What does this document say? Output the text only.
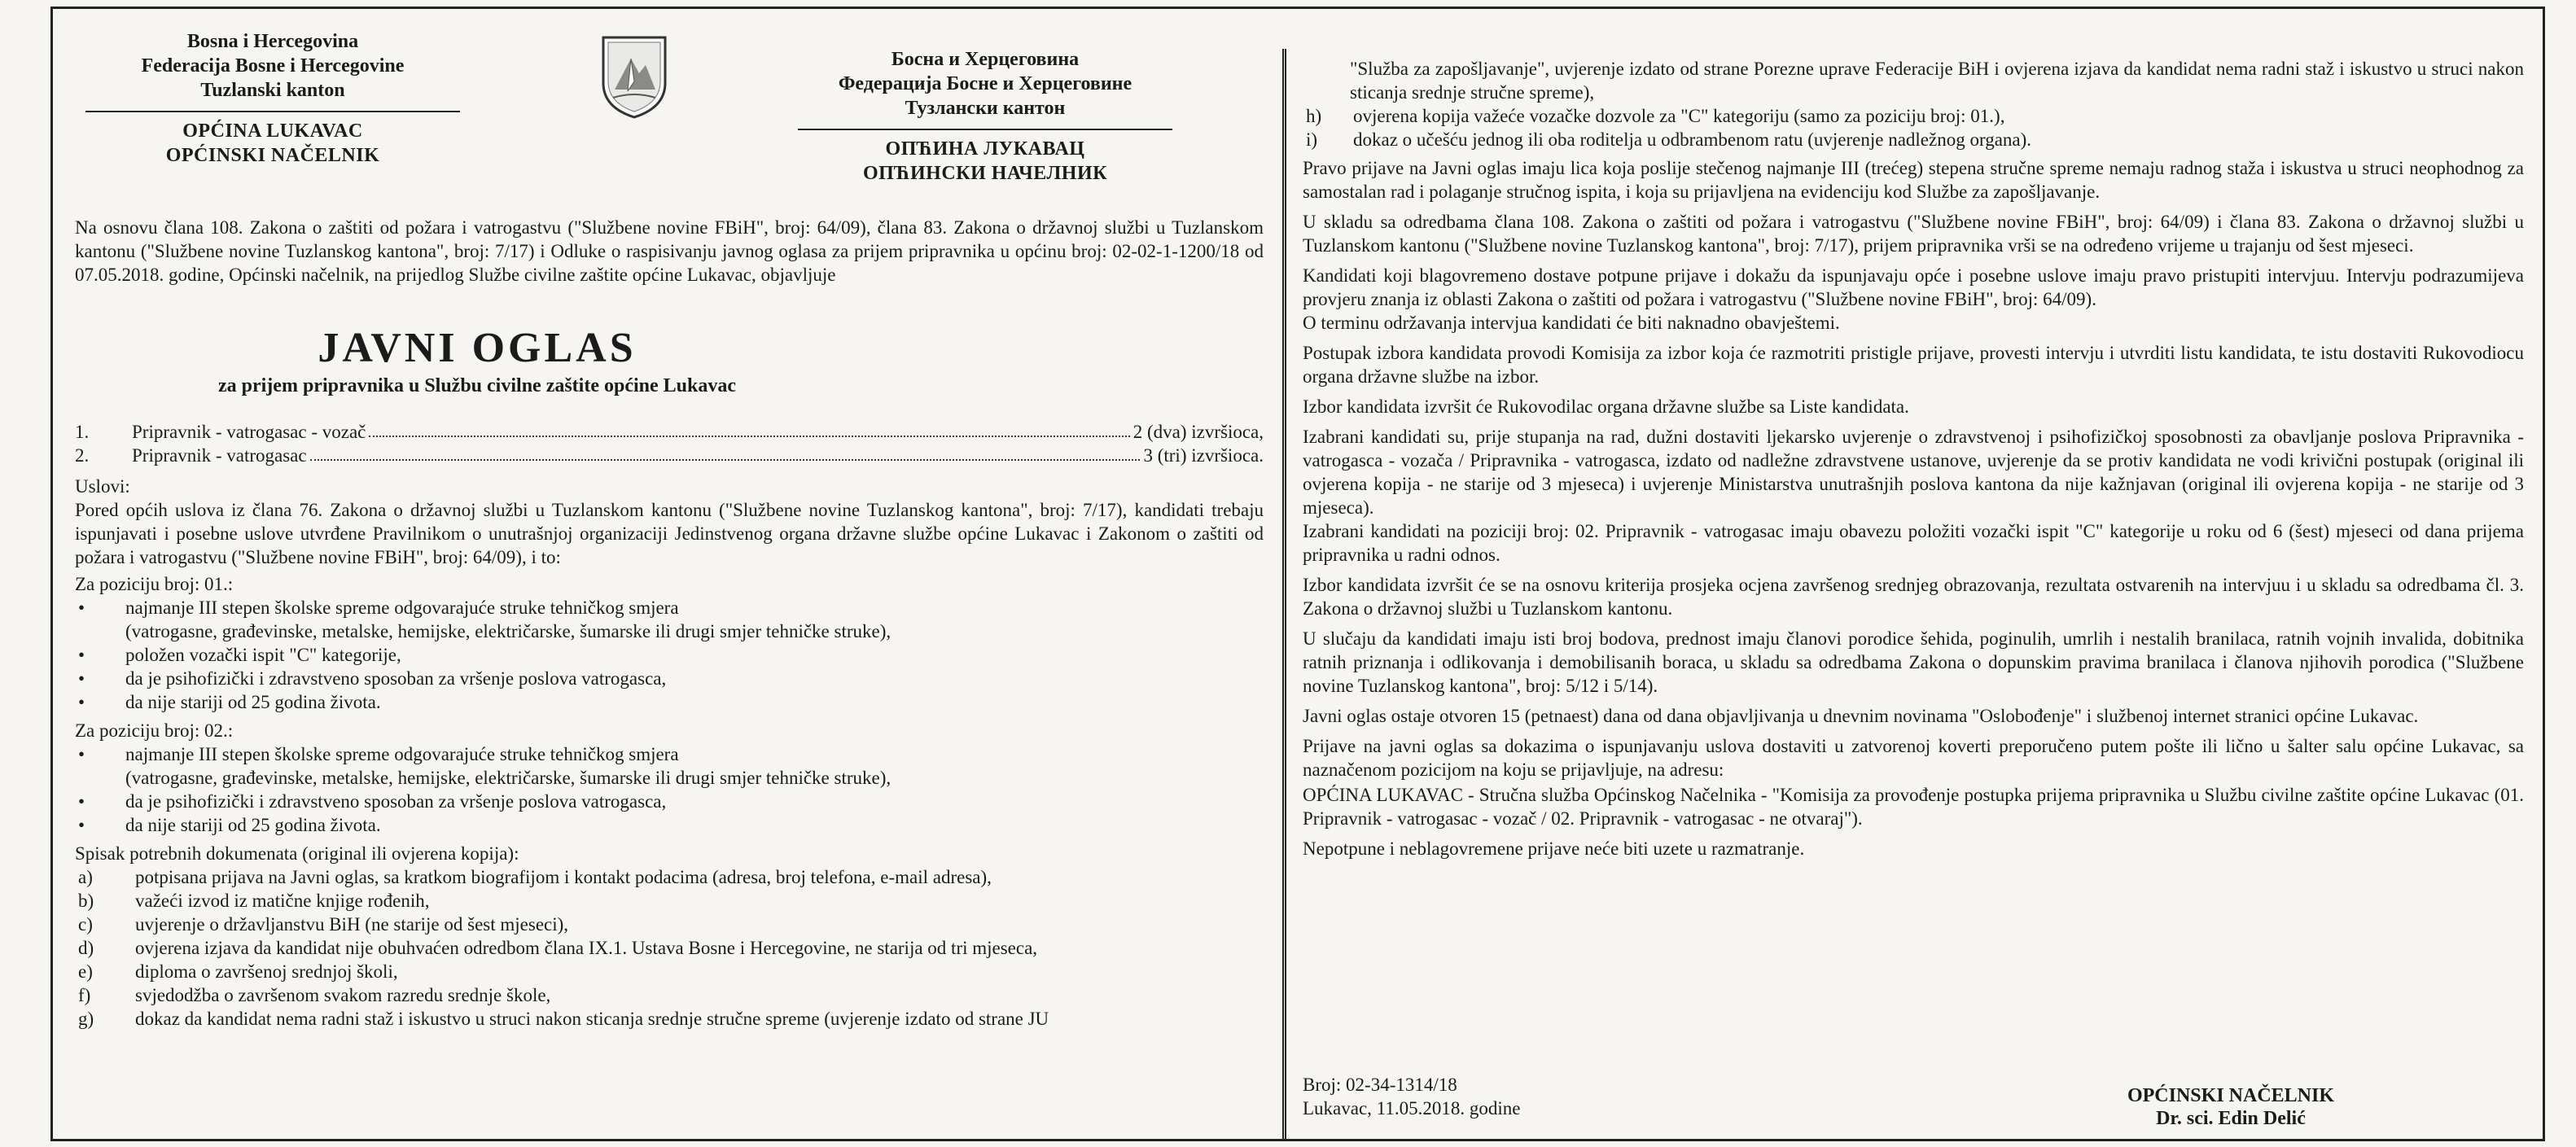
Bosna i Hercegovina
Federacija Bosne i Hercegovine
Tuzlanski kanton
OPĆINA LUKAVAC
OPĆINSKI NAČELNIK
Босна и Херцеговина
Федерација Босне и Херцеговине
Тузлански кантон
ОПЋИНА ЛУКАВАЦ
ОПЋИНСКИ НАЧЕЛНИК

Na osnovu člana 108. Zakona o zaštiti od požara i vatrogastvu ("Službene novine FBiH", broj: 64/09), člana 83. Zakona o državnoj službi u Tuzlanskom kantonu ("Službene novine Tuzlanskog kantona", broj: 7/17) i Odluke o raspisivanju javnog oglasa za prijem pripravnika u općinu broj: 02-02-1-1200/18 od 07.05.2018. godine, Općinski načelnik, na prijedlog Službe civilne zaštite općine Lukavac, objavljuje

JAVNI OGLAS
za prijem pripravnika u Službu civilne zaštite općine Lukavac
1.	Pripravnik - vatrogasac - vozač	2 (dva) izvršioca,
2.	Pripravnik - vatrogasac	3 (tri) izvršioca.
Uslovi:

Pored općih uslova iz člana 76. Zakona o državnoj službi u Tuzlanskom kantonu ("Službene novine Tuzlanskog kantona", broj: 7/17), kandidati trebaju ispunjavati i posebne uslove utvrđene Pravilnikom o unutrašnjoj organizaciji Jedinstvenog organa državne službe općine Lukavac i Zakonom o zaštiti od požara i vatrogastvu ("Službene novine FBiH", broj: 64/09), i to:

Za poziciju broj: 01.:
•	najmanje III stepen školske spreme odgovarajuće struke tehničkog smjera
(vatrogasne, građevinske, metalske, hemijske, električarske, šumarske ili drugi smjer tehničke struke),
•	položen vozački ispit "C" kategorije,
•	da je psihofizički i zdravstveno sposoban za vršenje poslova vatrogasca,
•	da nije stariji od 25 godina života.
Za poziciju broj: 02.:
•	najmanje III stepen školske spreme odgovarajuće struke tehničkog smjera
(vatrogasne, građevinske, metalske, hemijske, električarske, šumarske ili drugi smjer tehničke struke),
•	da je psihofizički i zdravstveno sposoban za vršenje poslova vatrogasca,
•	da nije stariji od 25 godina života.
Spisak potrebnih dokumenata (original ili ovjerena kopija):
a)	potpisana prijava na Javni oglas, sa kratkom biografijom i kontakt podacima (adresa, broj telefona, e-mail adresa),
b)	važeći izvod iz matične knjige rođenih,
c)	uvjerenje o državljanstvu BiH (ne starije od šest mjeseci),
d)	ovjerena izjava da kandidat nije obuhvaćen odredbom člana IX.1. Ustava Bosne i Hercegovine, ne starija od tri mjeseca,
e)	diploma o završenoj srednjoj školi,
f)	svjedodžba o završenom svakom razredu srednje škole,
g)	dokaz da kandidat nema radni staž i iskustvo u struci nakon sticanja srednje stručne spreme (uvjerenje izdato od strane JU

"Služba za zapošljavanje", uvjerenje izdato od strane Porezne uprave Federacije BiH i ovjerena izjava da kandidat nema radni staž i iskustvo u struci nakon sticanja srednje stručne spreme),

h)	ovjerena kopija važeće vozačke dozvole za "C" kategoriju (samo za poziciju broj: 01.),
i)	dokaz o učešću jednog ili oba roditelja u odbrambenom ratu (uvjerenje nadležnog organa).

Pravo prijave na Javni oglas imaju lica koja poslije stečenog najmanje III (trećeg) stepena stručne spreme nemaju radnog staža i iskustva u struci neophodnog za samostalan rad i polaganje stručnog ispita, i koja su prijavljena na evidenciju kod Službe za zapošljavanje.

U skladu sa odredbama člana 108. Zakona o zaštiti od požara i vatrogastvu ("Službene novine FBiH", broj: 64/09) i člana 83. Zakona o državnoj službi u Tuzlanskom kantonu ("Službene novine Tuzlanskog kantona", broj: 7/17), prijem pripravnika vrši se na određeno vrijeme u trajanju od šest mjeseci.

Kandidati koji blagovremeno dostave potpune prijave i dokažu da ispunjavaju opće i posebne uslove imaju pravo pristupiti intervjuu. Intervju podrazumijeva provjeru znanja iz oblasti Zakona o zaštiti od požara i vatrogastvu ("Službene novine FBiH", broj: 64/09).

O terminu održavanja intervjua kandidati će biti naknadno obavještemi.

Postupak izbora kandidata provodi Komisija za izbor koja će razmotriti pristigle prijave, provesti intervju i utvrditi listu kandidata, te istu dostaviti Rukovodiocu organa državne službe na izbor.

Izbor kandidata izvršit će Rukovodilac organa državne službe sa Liste kandidata.

Izabrani kandidati su, prije stupanja na rad, dužni dostaviti ljekarsko uvjerenje o zdravstvenoj i psihofizičkoj sposobnosti za obavljanje poslova Pripravnika - vatrogasca - vozača / Pripravnika - vatrogasca, izdato od nadležne zdravstvene ustanove, uvjerenje da se protiv kandidata ne vodi krivični postupak (original ili ovjerena kopija - ne starije od 3 mjeseca) i uvjerenje Ministarstva unutrašnjih poslova kantona da nije kažnjavan (original ili ovjerena kopija - ne starije od 3 mjeseca).

Izabrani kandidati na poziciji broj: 02. Pripravnik - vatrogasac imaju obavezu položiti vozački ispit "C" kategorije u roku od 6 (šest) mjeseci od dana prijema pripravnika u radni odnos.

Izbor kandidata izvršit će se na osnovu kriterija prosjeka ocjena završenog srednjeg obrazovanja, rezultata ostvarenih na intervjuu i u skladu sa odredbama čl. 3. Zakona o državnoj službi u Tuzlanskom kantonu.

U slučaju da kandidati imaju isti broj bodova, prednost imaju članovi porodice šehida, poginulih, umrlih i nestalih branilaca, ratnih vojnih invalida, dobitnika ratnih priznanja i odlikovanja i demobilisanih boraca, u skladu sa odredbama Zakona o dopunskim pravima branilaca i članova njihovih porodica ("Službene novine Tuzlanskog kantona", broj: 5/12 i 5/14).

Javni oglas ostaje otvoren 15 (petnaest) dana od dana objavljivanja u dnevnim novinama "Oslobođenje" i službenoj internet stranici općine Lukavac.

Prijave na javni oglas sa dokazima o ispunjavanju uslova dostaviti u zatvorenoj koverti preporučeno putem pošte ili lično u šalter salu općine Lukavac, sa naznačenom pozicijom na koju se prijavljuje, na adresu:

OPĆINA LUKAVAC - Stručna služba Općinskog Načelnika - "Komisija za provođenje postupka prijema pripravnika u Službu civilne zaštite općine Lukavac (01. Pripravnik - vatrogasac - vozač / 02. Pripravnik - vatrogasac - ne otvaraj").

Nepotpune i neblagovremene prijave neće biti uzete u razmatranje.

Broj: 02-34-1314/18
Lukavac, 11.05.2018. godine
OPĆINSKI NAČELNIK
Dr. sci. Edin Delić
